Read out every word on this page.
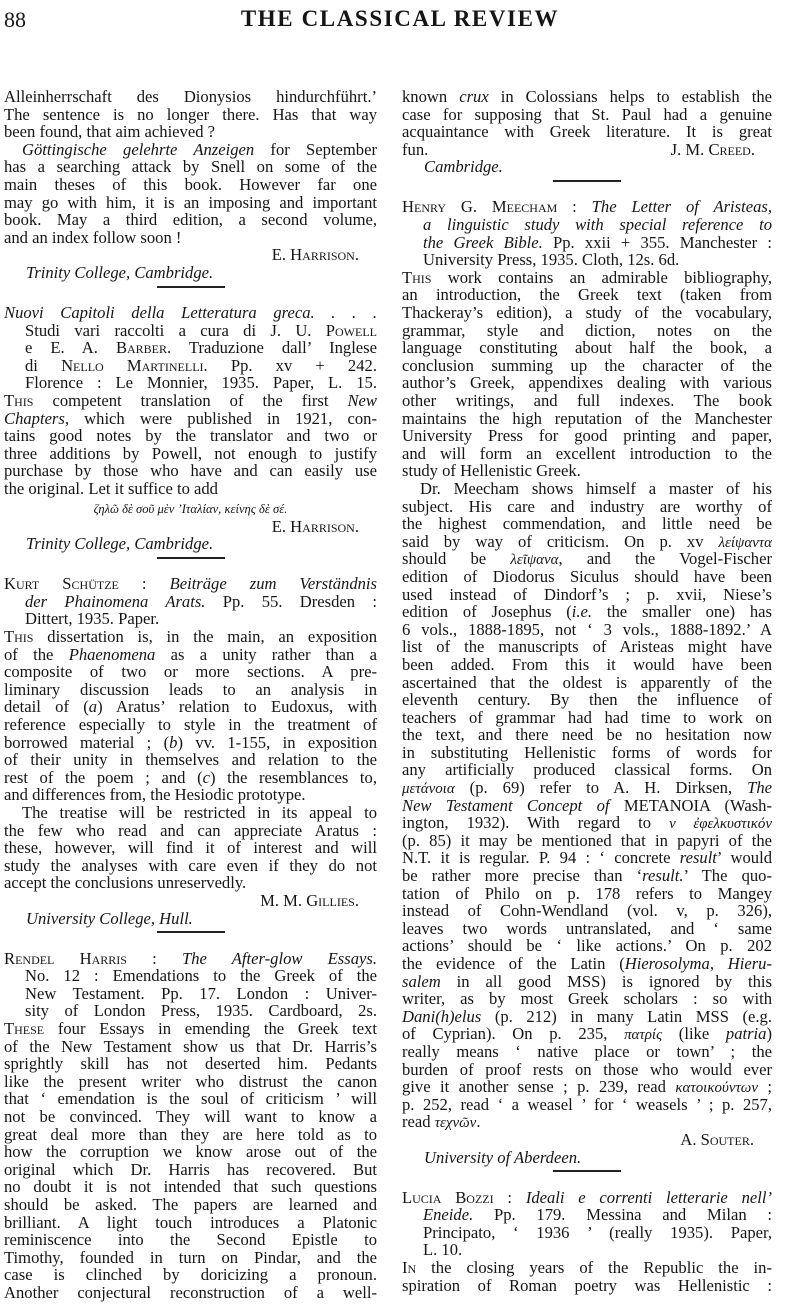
88	THE CLASSICAL REVIEW
Alleinherrschaft des Dionysios hindurchführt.’
The sentence is no longer there. Has that way
been found, that aim achieved ?
Göttingische gelehrte Anzeigen for September
has a searching attack by Snell on some of the
main theses of this book. However far one
may go with him, it is an imposing and important
book. May a third edition, a second volume,
and an index follow soon !
E. Harrison.
Trinity College, Cambridge.
Nuovi Capitoli della Letteratura greca. . . .
Studi vari raccolti a cura di J. U. Powell
e E. A. Barber. Traduzione dall’ Inglese
di Nello Martinelli. Pp. xv + 242.
Florence : Le Monnier, 1935. Paper, L. 15.
This competent translation of the first New
Chapters, which were published in 1921, con-
tains good notes by the translator and two or
three additions by Powell, not enough to justify
purchase by those who have and can easily use
the original. Let it suffice to add
ζηλῶ δὲ σοῦ μὲν ’Ιταλίαν, κείνης δὲ σέ.
E. Harrison.
Trinity College, Cambridge.
Kurt Schütze : Beiträge zum Verständnis
der Phainomena Arats. Pp. 55. Dresden :
Dittert, 1935. Paper.
This dissertation is, in the main, an exposition
of the Phaenomena as a unity rather than a
composite of two or more sections. A pre-
liminary discussion leads to an analysis in
detail of (a) Aratus’ relation to Eudoxus, with
reference especially to style in the treatment of
borrowed material ; (b) vv. 1-155, in exposition
of their unity in themselves and relation to the
rest of the poem ; and (c) the resemblances to,
and differences from, the Hesiodic prototype.
The treatise will be restricted in its appeal to
the few who read and can appreciate Aratus :
these, however, will find it of interest and will
study the analyses with care even if they do not
accept the conclusions unreservedly.
M. M. Gillies.
University College, Hull.
Rendel Harris : The After-glow Essays.
No. 12 : Emendations to the Greek of the
New Testament. Pp. 17. London : Univer-
sity of London Press, 1935. Cardboard, 2s.
These four Essays in emending the Greek text
of the New Testament show us that Dr. Harris’s
sprightly skill has not deserted him. Pedants
like the present writer who distrust the canon
that ‘ emendation is the soul of criticism ’ will
not be convinced. They will want to know a
great deal more than they are here told as to
how the corruption we know arose out of the
original which Dr. Harris has recovered. But
no doubt it is not intended that such questions
should be asked. The papers are learned and
brilliant. A light touch introduces a Platonic
reminiscence into the Second Epistle to
Timothy, founded in turn on Pindar, and the
case is clinched by doricizing a pronoun.
Another conjectural reconstruction of a well-
known crux in Colossians helps to establish the
case for supposing that St. Paul had a genuine
acquaintance with Greek literature. It is great
fun.	J. M. Creed.
Cambridge.
Henry G. Meecham : The Letter of Aristeas,
a linguistic study with special reference to
the Greek Bible. Pp. xxii + 355. Manchester :
University Press, 1935. Cloth, 12s. 6d.
This work contains an admirable bibliography,
an introduction, the Greek text (taken from
Thackeray’s edition), a study of the vocabulary,
grammar, style and diction, notes on the
language constituting about half the book, a
conclusion summing up the character of the
author’s Greek, appendixes dealing with various
other writings, and full indexes. The book
maintains the high reputation of the Manchester
University Press for good printing and paper,
and will form an excellent introduction to the
study of Hellenistic Greek.
Dr. Meecham shows himself a master of his
subject. His care and industry are worthy of
the highest commendation, and little need be
said by way of criticism. On p. xv λείψαντα
should be λεῖψανα, and the Vogel-Fischer
edition of Diodorus Siculus should have been
used instead of Dindorf’s ; p. xvii, Niese’s
edition of Josephus (i.e. the smaller one) has
6 vols., 1888-1895, not ‘ 3 vols., 1888-1892.’ A
list of the manuscripts of Aristeas might have
been added. From this it would have been
ascertained that the oldest is apparently of the
eleventh century. By then the influence of
teachers of grammar had had time to work on
the text, and there need be no hesitation now
in substituting Hellenistic forms of words for
any artificially produced classical forms. On
μετάνοια (p. 69) refer to A. H. Dirksen, The
New Testament Concept of METANOIA (Wash-
ington, 1932). With regard to ν ἐφελκυστικόν
(p. 85) it may be mentioned that in papyri of the
N.T. it is regular. P. 94 : ‘ concrete result’ would
be rather more precise than ‘result.’ The quo-
tation of Philo on p. 178 refers to Mangey
instead of Cohn-Wendland (vol. v, p. 326),
leaves two words untranslated, and ‘ same
actions’ should be ‘ like actions.’ On p. 202
the evidence of the Latin (Hierosolyma, Hieru-
salem in all good MSS) is ignored by this
writer, as by most Greek scholars : so with
Dani(h)elus (p. 212) in many Latin MSS (e.g.
of Cyprian). On p. 235, πατρίς (like patria)
really means ‘ native place or town’ ; the
burden of proof rests on those who would ever
give it another sense ; p. 239, read κατοικούντων ;
p. 252, read ‘ a weasel ’ for ‘ weasels ’ ; p. 257,
read τεχνῶν.
A. Souter.
University of Aberdeen.
Lucia Bozzi : Ideali e correnti letterarie nell’
Eneide. Pp. 179. Messina and Milan :
Principato, ‘ 1936 ’ (really 1935). Paper,
L. 10.
In the closing years of the Republic the in-
spiration of Roman poetry was Hellenistic :
